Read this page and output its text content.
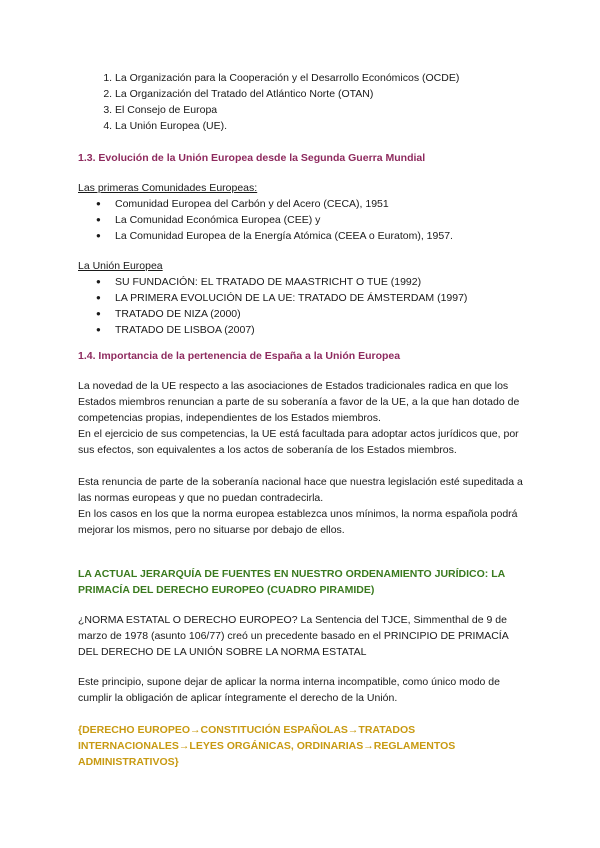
1. La Organización para la Cooperación y el Desarrollo Económicos (OCDE)
2. La Organización del Tratado del Atlántico Norte (OTAN)
3. El Consejo de Europa
4. La Unión Europea (UE).

1.3. Evolución de la Unión Europea desde la Segunda Guerra Mundial

Las primeras Comunidades Europeas:

● Comunidad Europea del Carbón y del Acero (CECA), 1951
● La Comunidad Económica Europea (CEE) y
● La Comunidad Europea de la Energía Atómica (CEEA o Euratom), 1957.

La Unión Europea

● SU FUNDACIÓN: EL TRATADO DE MAASTRICHT O TUE (1992)
● LA PRIMERA EVOLUCIÓN DE LA UE: TRATADO DE ÁMSTERDAM (1997)
● TRATADO DE NIZA (2000)
● TRATADO DE LISBOA (2007)

1.4. Importancia de la pertenencia de España a la Unión Europea

La novedad de la UE respecto a las asociaciones de Estados tradicionales radica en que los Estados miembros renuncian a parte de su soberanía a favor de la UE, a la que han dotado de competencias propias, independientes de los Estados miembros.

En el ejercicio de sus competencias, la UE está facultada para adoptar actos jurídicos que, por sus efectos, son equivalentes a los actos de soberanía de los Estados miembros.

Esta renuncia de parte de la soberanía nacional hace que nuestra legislación esté supeditada a las normas europeas y que no puedan contradecirla.

En los casos en los que la norma europea establezca unos mínimos, la norma española podrá mejorar los mismos, pero no situarse por debajo de ellos.

LA ACTUAL JERARQUÍA DE FUENTES EN NUESTRO ORDENAMIENTO JURÍDICO: LA PRIMACÍA DEL DERECHO EUROPEO (CUADRO PIRAMIDE)

¿NORMA ESTATAL O DERECHO EUROPEO? La Sentencia del TJCE, Simmenthal de 9 de marzo de 1978 (asunto 106/77) creó un precedente basado en el PRINCIPIO DE PRIMACÍA DEL DERECHO DE LA UNIÓN SOBRE LA NORMA ESTATAL

Este principio, supone dejar de aplicar la norma interna incompatible, como único modo de cumplir la obligación de aplicar íntegramente el derecho de la Unión.

{DERECHO EUROPEO→CONSTITUCIÓN ESPAÑOLAS→TRATADOS INTERNACIONALES→LEYES ORGÁNICAS, ORDINARIAS→REGLAMENTOS ADMINISTRATIVOS}
